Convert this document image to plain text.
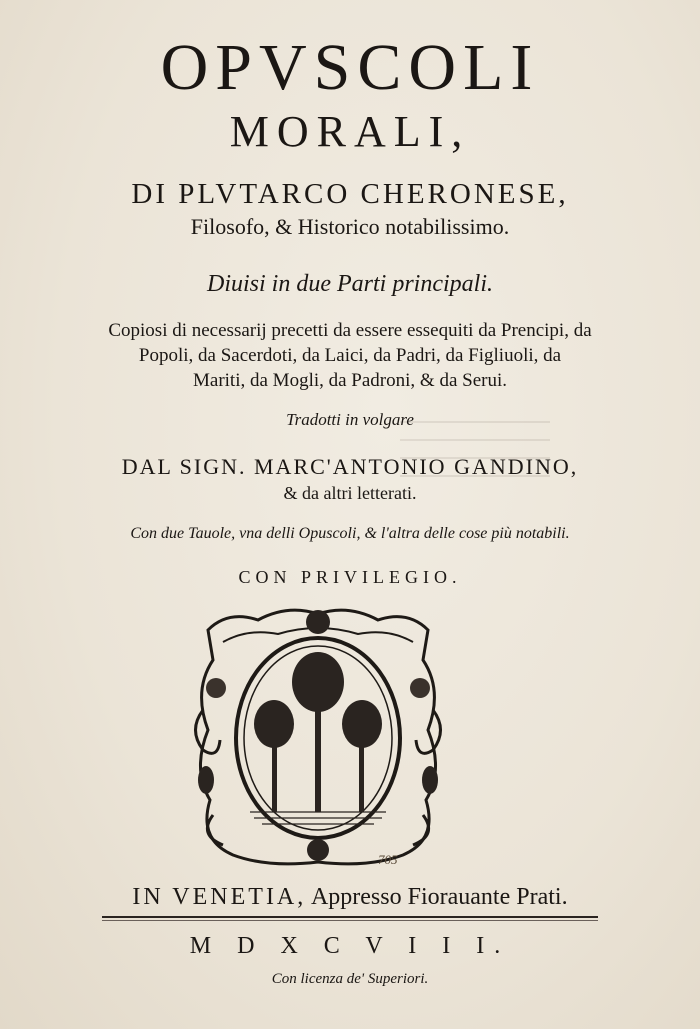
OPVSCOLI
MORALI,
DI PLVTARCO CHERONESE,
Filosofo, & Historico notabilissimo.
Diuisi in due Parti principali.
Copiosi di necessarij precetti da essere essequiti da Prencipi, da
Popoli, da Sacerdoti, da Laici, da Padri, da Figliuoli, da
Mariti, da Mogli, da Padroni, & da Serui.
Tradotti in volgare
DAL SIGN. MARC'ANTONIO GANDINO,
& da altri letterati.
Con due Tauole, vna delli Opuscoli, & l'altra delle cose più notabili.
CON PRIVILEGIO.
705
IN VENETIA, Appresso Fiorauante Prati.
M D X C V I I I.
Con licenza de' Superiori.
